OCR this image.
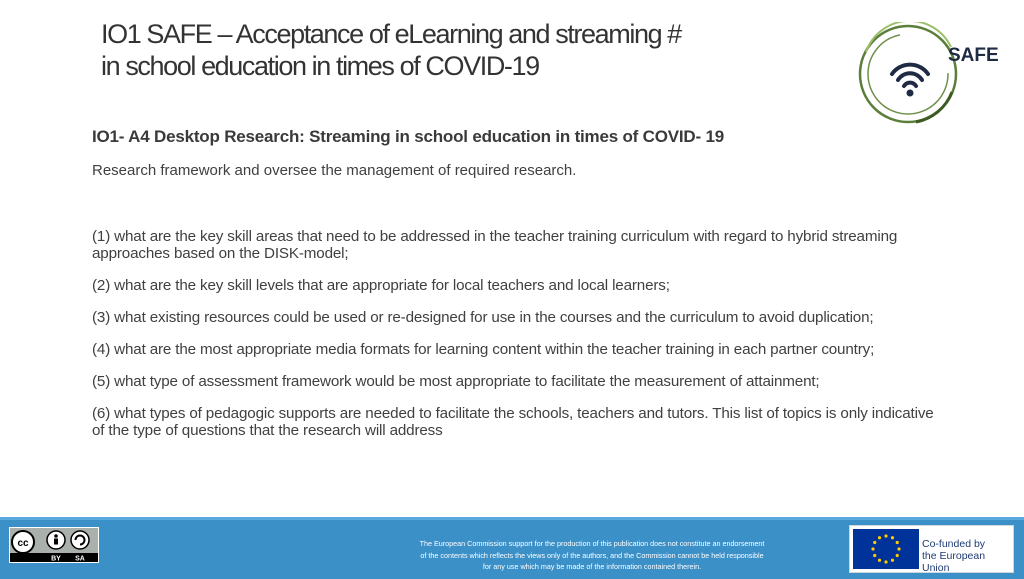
IO1 SAFE – Acceptance of eLearning and streaming #
in school education in times of COVID-19	SAFE

IO1- A4 Desktop Research: Streaming in school education in times of COVID- 19

Research framework and oversee the management of required research.

(1) what are the key skill areas that need to be addressed in the teacher training curriculum with regard to hybrid streaming approaches based on the DISK-model;

(2) what are the key skill levels that are appropriate for local teachers and local learners;

(3) what existing resources could be used or re-designed for use in the courses and the curriculum to avoid duplication;

(4) what are the most appropriate media formats for learning content within the teacher training in each partner country;

(5) what type of assessment framework would be most appropriate to facilitate the measurement of attainment;

(6) what types of pedagogic supports are needed to facilitate the schools, teachers and tutors. This list of topics is only indicative of the type of questions that the research will address

cc
BY SA
The European Commission support for the production of this publication does not constitute an endorsement
of the contents which reflects the views only of the authors, and the Commission cannot be held responsible
for any use which may be made of the information contained therein.
Co-funded by
the European Union
